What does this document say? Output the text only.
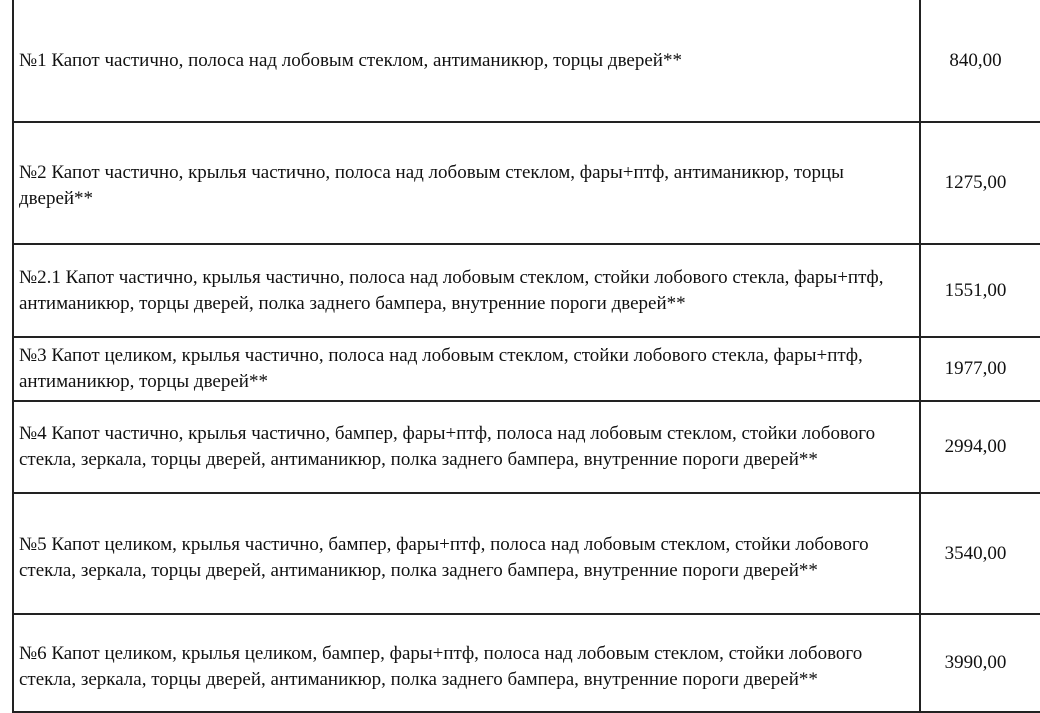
№1 Капот частично, полоса над лобовым стеклом, антиманикюр, торцы дверей**	840,00
№2 Капот частично, крылья частично, полоса над лобовым стеклом, фары+птф, антиманикюр, торцы дверей**	1275,00
№2.1 Капот частично, крылья частично, полоса над лобовым стеклом, стойки лобового стекла, фары+птф, антиманикюр, торцы дверей, полка заднего бампера, внутренние пороги дверей**	1551,00
№3 Капот целиком, крылья частично, полоса над лобовым стеклом, стойки лобового стекла, фары+птф, антиманикюр, торцы дверей**	1977,00
№4 Капот частично, крылья частично, бампер, фары+птф, полоса над лобовым стеклом, стойки лобового стекла, зеркала, торцы дверей, антиманикюр, полка заднего бампера, внутренние пороги дверей**	2994,00
№5 Капот целиком, крылья частично, бампер, фары+птф, полоса над лобовым стеклом, стойки лобового стекла, зеркала, торцы дверей, антиманикюр, полка заднего бампера, внутренние пороги дверей**	3540,00
№6 Капот целиком, крылья целиком, бампер, фары+птф, полоса над лобовым стеклом, стойки лобового стекла, зеркала, торцы дверей, антиманикюр, полка заднего бампера, внутренние пороги дверей**	3990,00
